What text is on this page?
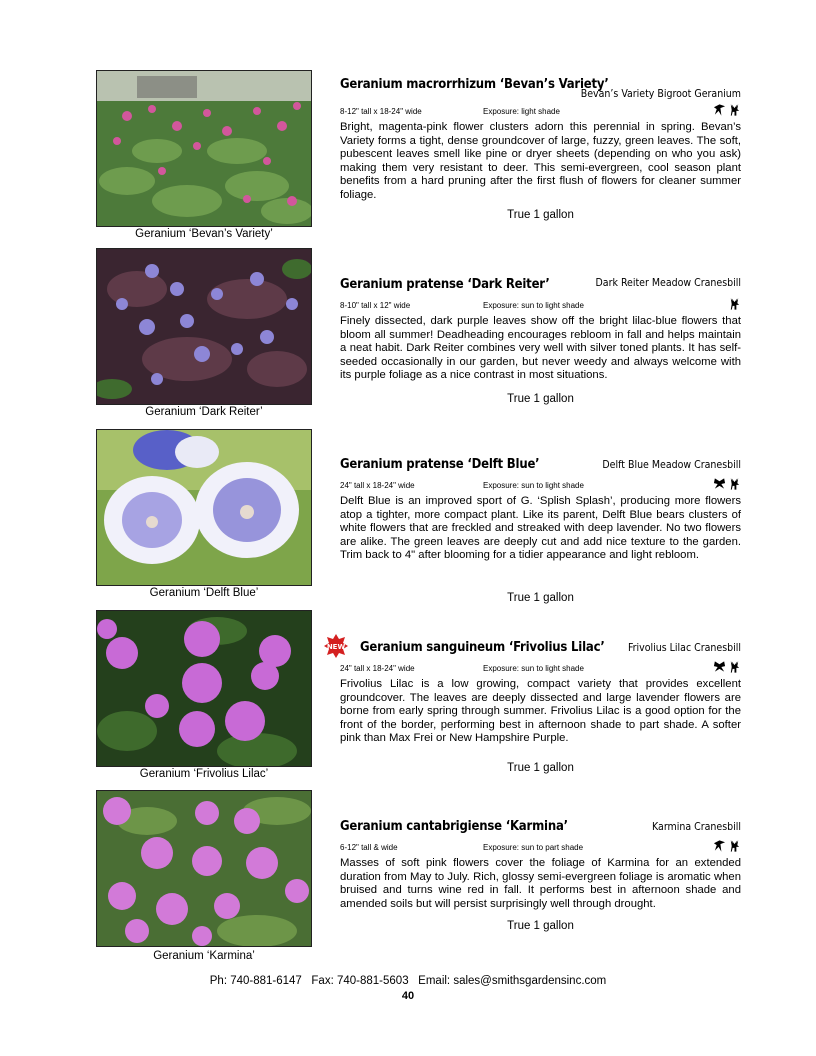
Geranium ‘Bevan’s Variety’
Geranium macrorrhizum ‘Bevan’s Variety’
Bevan’s Variety Bigroot Geranium
8-12" tall x 18-24" wide	Exposure: light shade
Bright, magenta-pink flower clusters adorn this perennial in spring. Bevan’s Variety forms a tight, dense groundcover of large, fuzzy, green leaves. The soft, pubescent leaves smell like pine or dryer sheets (depending on who you ask) making them very resistant to deer. This semi-evergreen, cool season plant benefits from a hard pruning after the first flush of flowers for cleaner summer foliage.
True 1 gallon
Geranium ‘Dark Reiter’
Geranium pratense ‘Dark Reiter’	Dark Reiter Meadow Cranesbill
8-10" tall x 12" wide	Exposure: sun to light shade
Finely dissected, dark purple leaves show off the bright lilac-blue flowers that bloom all summer! Deadheading encourages rebloom in fall and helps maintain a neat habit. Dark Reiter combines very well with silver toned plants. It has self-seeded occasionally in our garden, but never weedy and always welcome with its purple foliage as a nice contrast in most situations.
True 1 gallon
Geranium ‘Delft Blue’
Geranium pratense ‘Delft Blue’	Delft Blue Meadow Cranesbill
24" tall x 18-24" wide	Exposure: sun to light shade
Delft Blue is an improved sport of G. ‘Splish Splash’, producing more flowers atop a tighter, more compact plant. Like its parent, Delft Blue bears clusters of white flowers that are freckled and streaked with deep lavender. No two flowers are alike. The green leaves are deeply cut and add nice texture to the garden. Trim back to 4" after blooming for a tidier appearance and light rebloom.
True 1 gallon
Geranium ‘Frivolius Lilac’
NEW Geranium sanguineum ‘Frivolius Lilac’ Frivolius Lilac Cranesbill
24" tall x 18-24" wide	Exposure: sun to light shade
Frivolius Lilac is a low growing, compact variety that provides excellent groundcover. The leaves are deeply dissected and large lavender flowers are borne from early spring through summer. Frivolius Lilac is a good option for the front of the border, performing best in afternoon shade to part shade. A softer pink than Max Frei or New Hampshire Purple.
True 1 gallon
Geranium ‘Karmina’
Geranium cantabrigiense ‘Karmina’	Karmina Cranesbill
6-12" tall & wide	Exposure: sun to part shade
Masses of soft pink flowers cover the foliage of Karmina for an extended duration from May to July. Rich, glossy semi-evergreen foliage is aromatic when bruised and turns wine red in fall. It performs best in afternoon shade and amended soils but will persist surprisingly well through drought.
True 1 gallon
Ph: 740-881-6147   Fax: 740-881-5603   Email: sales@smithsgardensinc.com
40
